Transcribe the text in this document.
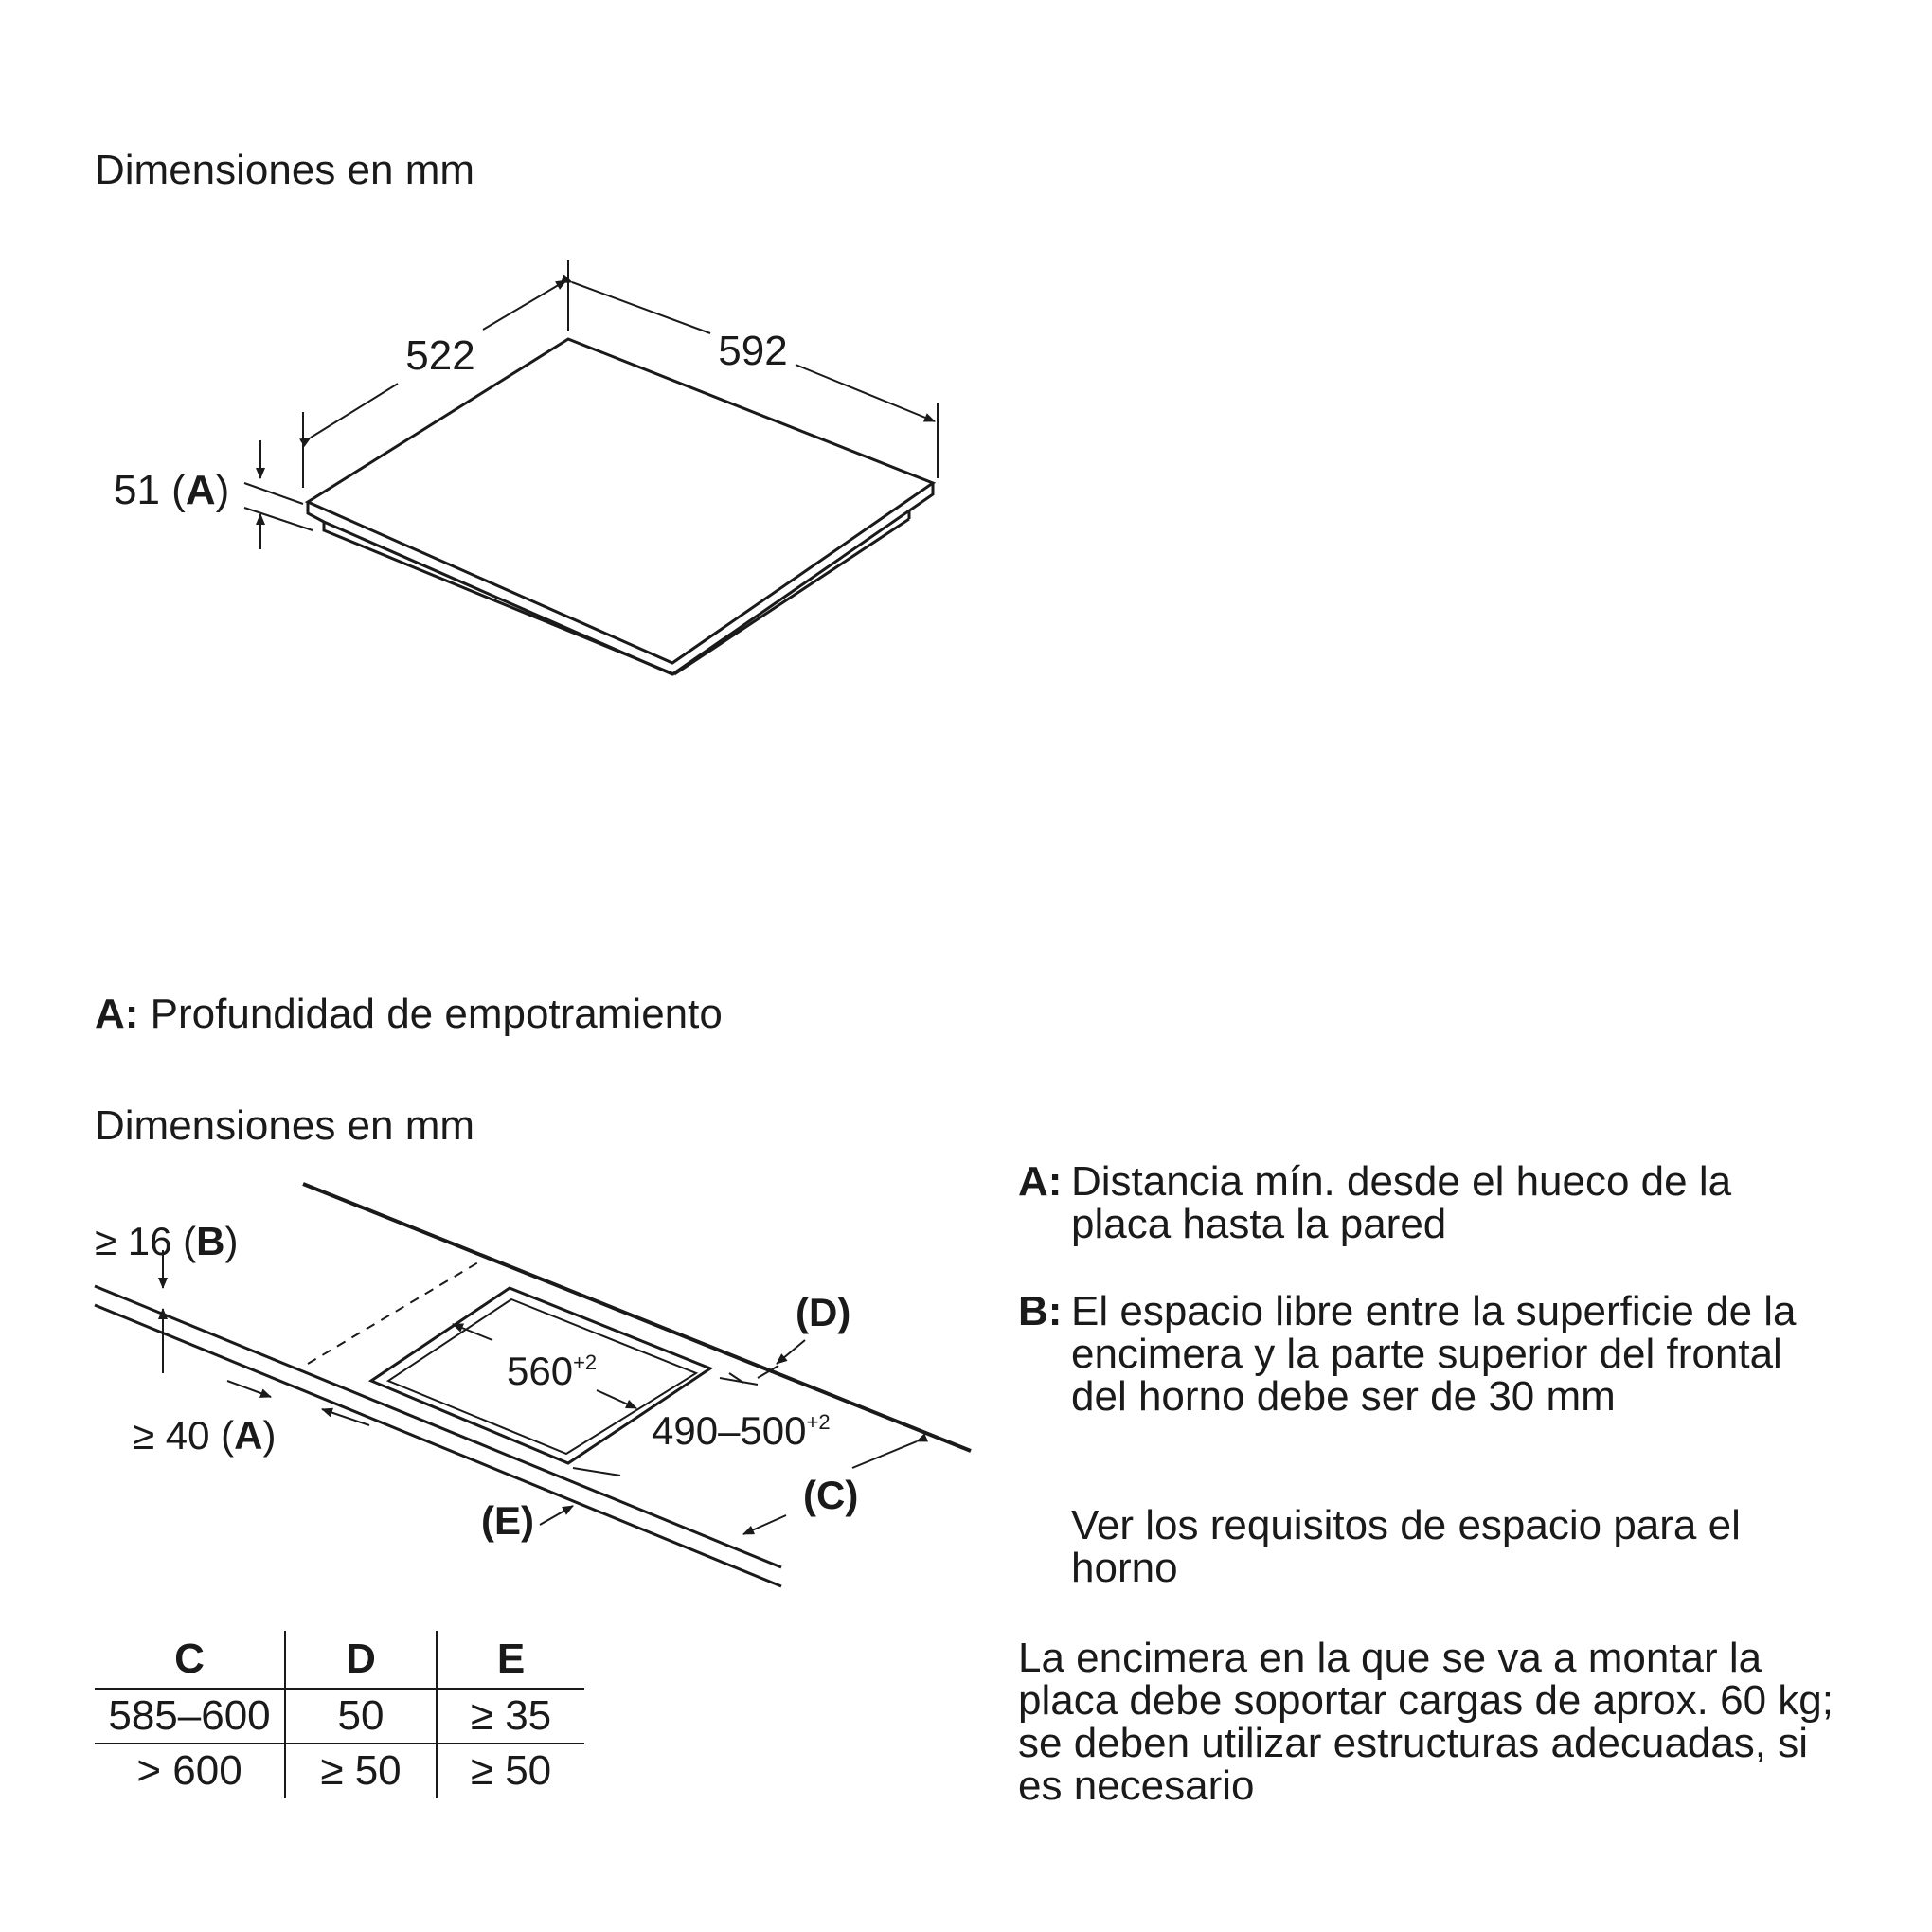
Dimensiones en mm
522	592
51 (A)
A: Profundidad de empotramiento
Dimensiones en mm
≥ 16 (B)
≥ 40 (A)
$560^{+2}$
$490-500^{+2}$
(D)
(C)
(E)
C	D	E
585–600	50	≥ 35
> 600	≥ 50	≥ 50
A: Distancia mín. desde el hueco de la placa hasta la pared
B: El espacio libre entre la superficie de la encimera y la parte superior del frontal del horno debe ser de 30 mm
Ver los requisitos de espacio para el horno
La encimera en la que se va a montar la placa debe soportar cargas de aprox. 60 kg; se deben utilizar estructuras adecuadas, si es necesario
